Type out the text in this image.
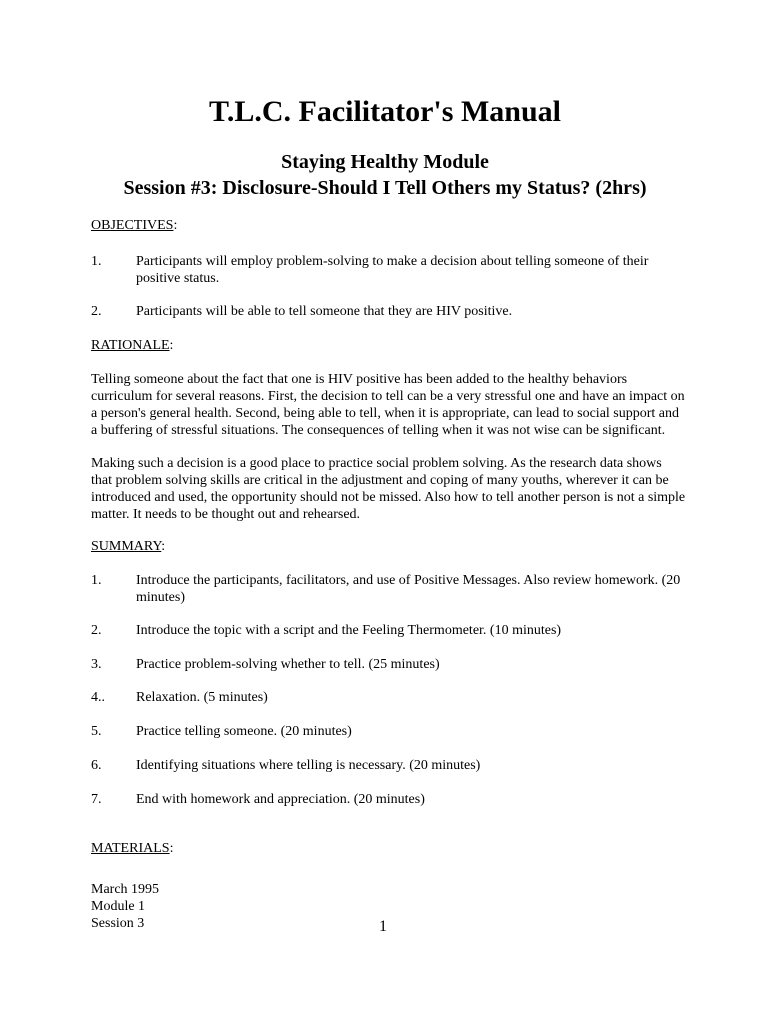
T.L.C. Facilitator's Manual
Staying Healthy Module
Session #3: Disclosure-Should I Tell Others my Status? (2hrs)
OBJECTIVES:
1.	Participants will employ problem-solving to make a decision about telling someone of their positive status.
2.	Participants will be able to tell someone that they are HIV positive.
RATIONALE:
Telling someone about the fact that one is HIV positive has been added to the healthy behaviors curriculum for several reasons. First, the decision to tell can be a very stressful one and have an impact on a person's general health. Second, being able to tell, when it is appropriate, can lead to social support and a buffering of stressful situations. The consequences of telling when it was not wise can be significant.
Making such a decision is a good place to practice social problem solving. As the research data shows that problem solving skills are critical in the adjustment and coping of many youths, wherever it can be introduced and used, the opportunity should not be missed. Also how to tell another person is not a simple matter. It needs to be thought out and rehearsed.
SUMMARY:
1.	Introduce the participants, facilitators, and use of Positive Messages. Also review homework. (20 minutes)
2.	Introduce the topic with a script and the Feeling Thermometer. (10 minutes)
3.	Practice problem-solving whether to tell. (25 minutes)
4..	Relaxation. (5 minutes)
5.	Practice telling someone. (20 minutes)
6.	Identifying situations where telling is necessary. (20 minutes)
7.	End with homework and appreciation. (20 minutes)
MATERIALS:
March 1995
Module 1
Session 3	1
